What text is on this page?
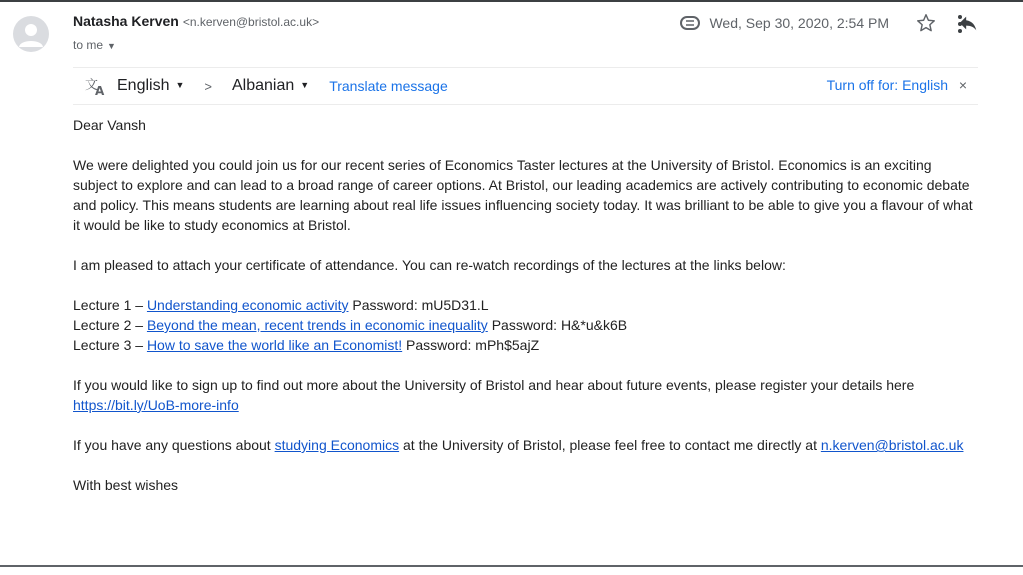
Natasha Kerven <n.kerven@bristol.ac.uk>
to me ▼
Wed, Sep 30, 2020, 2:54 PM
文
A English ▼ > Albanian ▼ Translate message	Turn off for: English ×

Dear Vansh

We were delighted you could join us for our recent series of Economics Taster lectures at the University of Bristol. Economics is an exciting subject to explore and can lead to a broad range of career options. At Bristol, our leading academics are actively contributing to economic debate and policy. This means students are learning about real life issues influencing society today. It was brilliant to be able to give you a flavour of what it would be like to study economics at Bristol.

I am pleased to attach your certificate of attendance. You can re-watch recordings of the lectures at the links below:

Lecture 1 – Understanding economic activity Password: mU5D31.L

Lecture 2 – Beyond the mean, recent trends in economic inequality Password: H&*u&k6B

Lecture 3 – How to save the world like an Economist! Password: mPh$5ajZ

If you would like to sign up to find out more about the University of Bristol and hear about future events, please register your details here https://bit.ly/UoB-more-info

If you have any questions about studying Economics at the University of Bristol, please feel free to contact me directly at n.kerven@bristol.ac.uk

With best wishes
